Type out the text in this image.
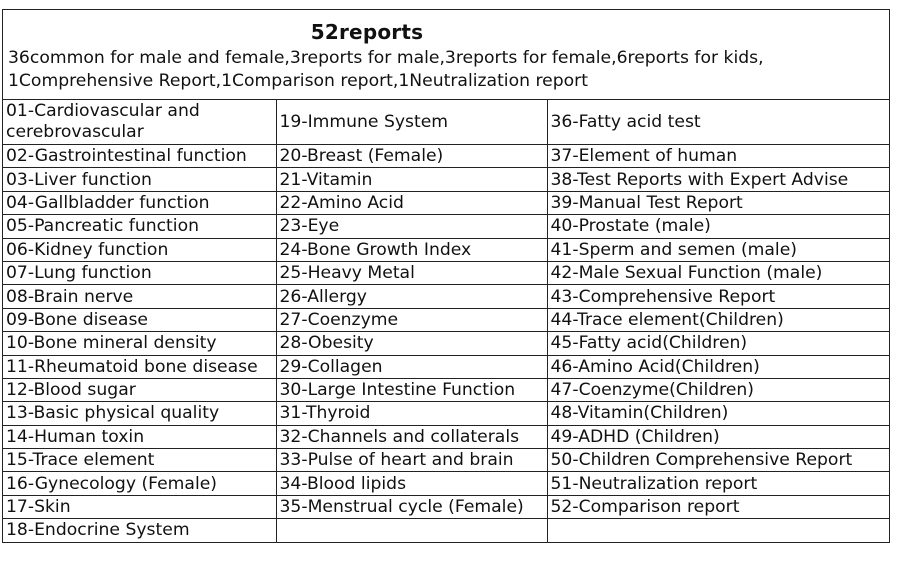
52reports

36common for male and female,3reports for male,3reports for female,6reports for kids, 1Comprehensive Report,1Comparison report,1Neutralization report

01-Cardiovascular and cerebrovascular	19-Immune System	36-Fatty acid test
02-Gastrointestinal function	20-Breast (Female)	37-Element of human
03-Liver function	21-Vitamin	38-Test Reports with Expert Advise
04-Gallbladder function	22-Amino Acid	39-Manual Test Report
05-Pancreatic function	23-Eye	40-Prostate (male)
06-Kidney function	24-Bone Growth Index	41-Sperm and semen (male)
07-Lung function	25-Heavy Metal	42-Male Sexual Function (male)
08-Brain nerve	26-Allergy	43-Comprehensive Report
09-Bone disease	27-Coenzyme	44-Trace element(Children)
10-Bone mineral density	28-Obesity	45-Fatty acid(Children)
11-Rheumatoid bone disease	29-Collagen	46-Amino Acid(Children)
12-Blood sugar	30-Large Intestine Function	47-Coenzyme(Children)
13-Basic physical quality	31-Thyroid	48-Vitamin(Children)
14-Human toxin	32-Channels and collaterals	49-ADHD (Children)
15-Trace element	33-Pulse of heart and brain	50-Children Comprehensive Report
16-Gynecology (Female)	34-Blood lipids	51-Neutralization report
17-Skin	35-Menstrual cycle (Female)	52-Comparison report
18-Endocrine System		
